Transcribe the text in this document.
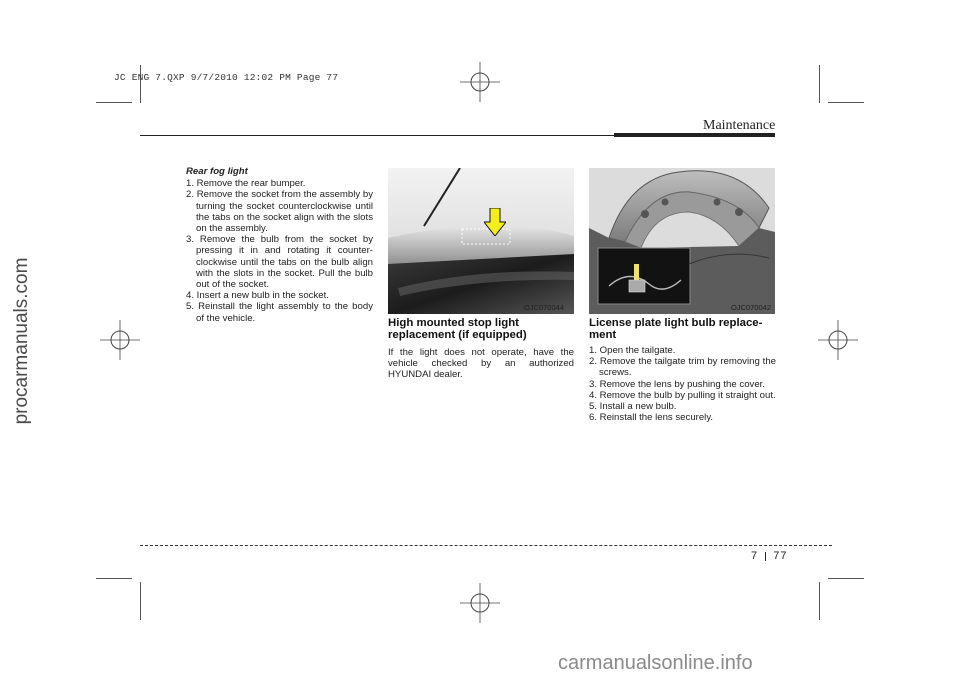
JC ENG 7.QXP 9/7/2010 12:02 PM Page 77
procarmanuals.com
carmanualsonline.info
Maintenance

Rear fog light

1. Remove the rear bumper.

2. Remove the socket from the assembly by turning the socket counterclockwise until the tabs on the socket align with the slots on the assembly.

3. Remove the bulb from the socket by pressing it in and rotating it counter-clockwise until the tabs on the bulb align with the slots in the socket. Pull the bulb out of the socket.

4. Insert a new bulb in the socket.

5. Reinstall the light assembly to the body of the vehicle.

OJC070044	OJC070042

High mounted stop light replacement (if equipped)

If the light does not operate, have the vehicle checked by an authorized HYUNDAI dealer.

License plate light bulb replace-ment

1. Open the tailgate.

2. Remove the tailgate trim by removing the screws.

3. Remove the lens by pushing the cover.

4. Remove the bulb by pulling it straight out.

5. Install a new bulb.

6. Reinstall the lens securely.

7 77
